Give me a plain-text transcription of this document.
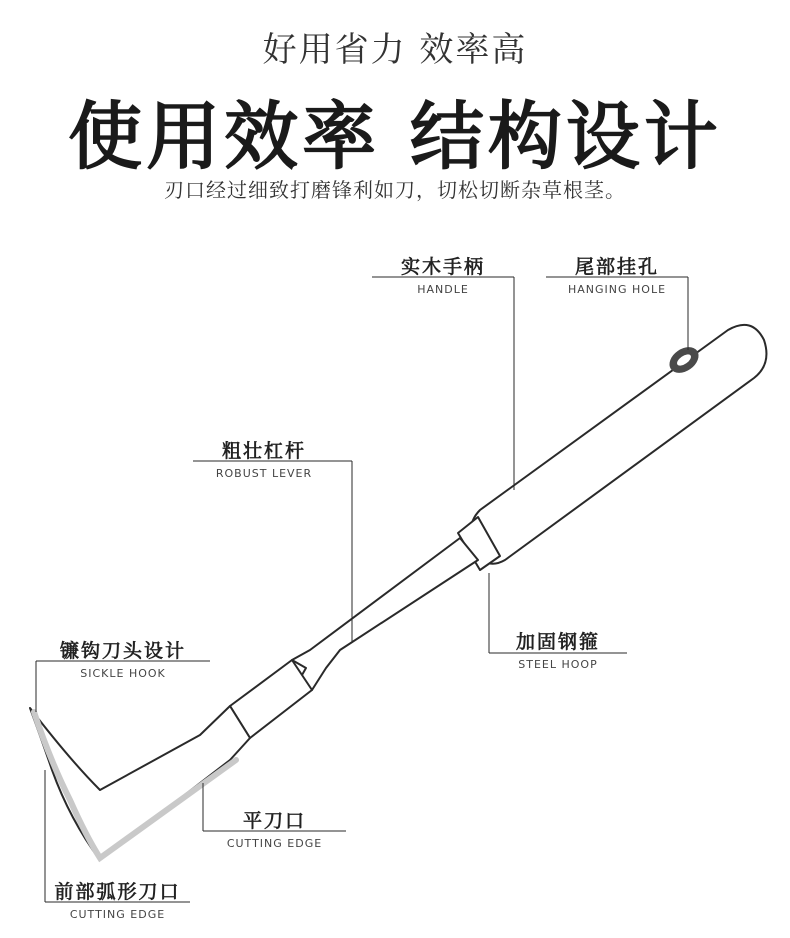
好用省力 效率高
使用效率 结构设计
刃口经过细致打磨锋利如刀，切松切断杂草根茎。
实木手柄
HANDLE
尾部挂孔
HANGING HOLE
粗壮杠杆
ROBUST LEVER
加固钢箍
STEEL HOOP
镰钩刀头设计
SICKLE HOOK
平刀口
CUTTING EDGE
前部弧形刀口
CUTTING EDGE
